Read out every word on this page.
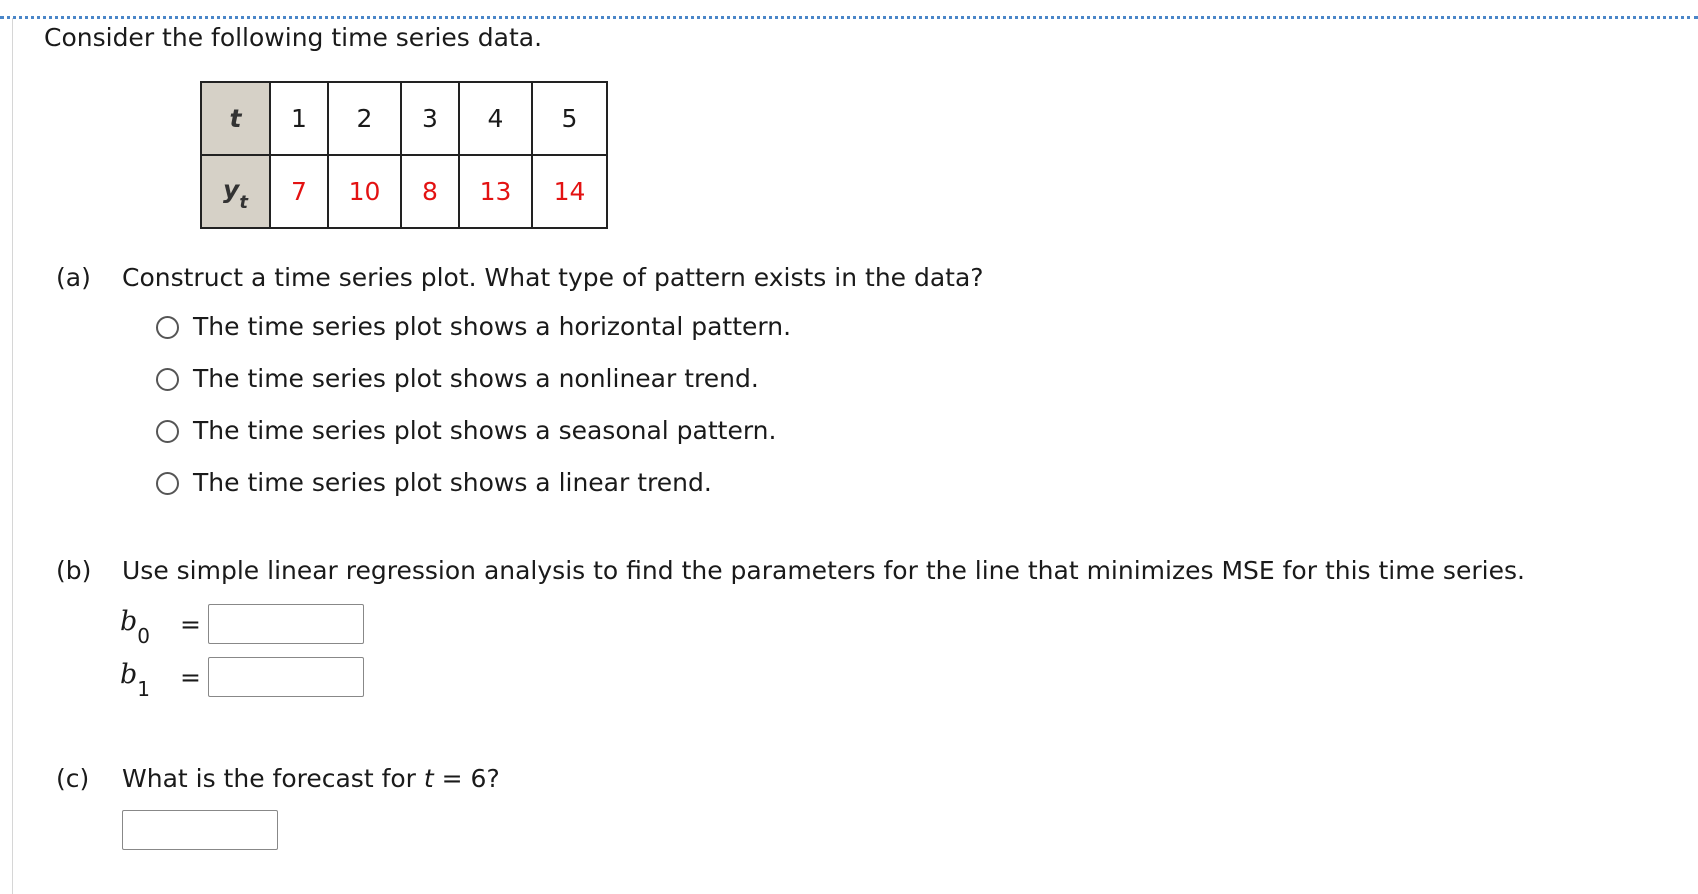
Consider the following time series data.

t	1	2	3	4	5
$y_t$	7	10	8	13	14
(a) Construct a time series plot. What type of pattern exists in the data?
The time series plot shows a horizontal pattern.
The time series plot shows a nonlinear trend.
The time series plot shows a seasonal pattern.
The time series plot shows a linear trend.
(b) Use simple linear regression analysis to find the parameters for the line that minimizes MSE for this time series.
$b_0$	=
$b_1$	=
(c) What is the forecast for t = 6?
